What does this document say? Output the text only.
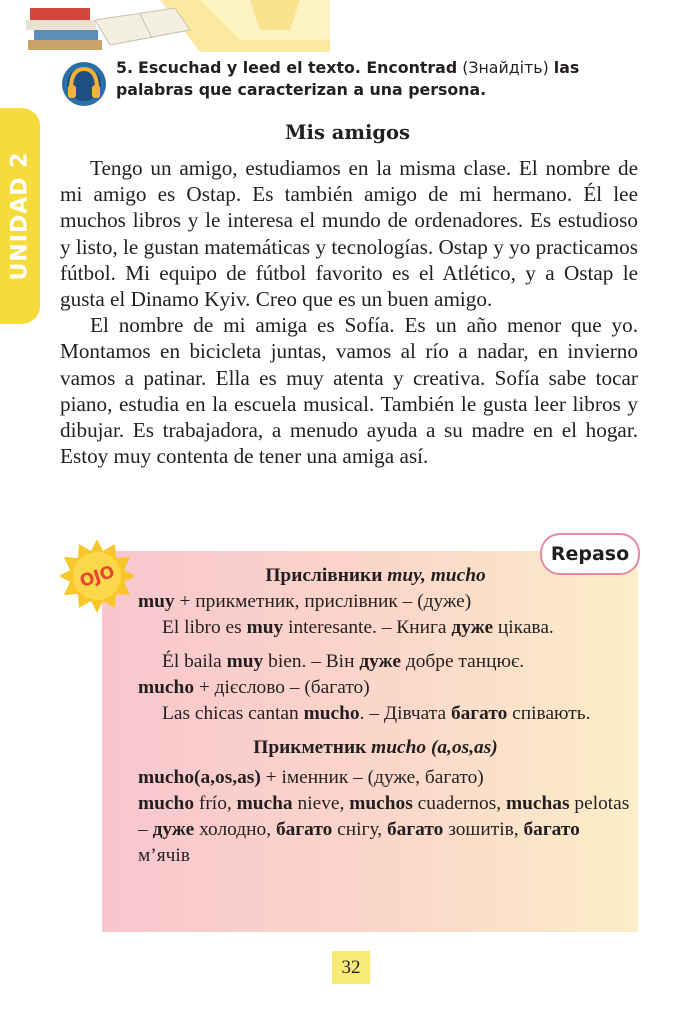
UNIDAD 2
5. Escuchad y leed el texto. Encontrad (Знайдіть) las palabras que caracterizan a una persona.
Mis amigos

Tengo un amigo, estudiamos en la misma clase. El nombre de mi amigo es Ostap. Es también amigo de mi hermano. Él lee muchos libros y le interesa el mundo de ordenadores. Es estudioso y listo, le gustan matemáticas y tecnologías. Ostap y yo practicamos fútbol. Mi equipo de fútbol favorito es el Atlético, y a Ostap le gusta el Dinamo Kyiv. Creo que es un buen amigo.

El nombre de mi amiga es Sofía. Es un año menor que yo. Montamos en bicicleta juntas, vamos al río a nadar, en invierno vamos a patinar. Ella es muy atenta y creativa. Sofía sabe tocar piano, estudia en la escuela musical. También le gusta leer libros y dibujar. Es trabajadora, a menudo ayuda a su madre en el hogar. Estoy muy contenta de tener una amiga así.

OJO
Repaso
Прислівники muy, mucho
muy + прикметник, прислівник – (дуже)
El libro es muy interesante. – Книга дуже цікава.
Él baila muy bien. – Він дуже добре танцює.
mucho + дієслово – (багато)
Las chicas cantan mucho. – Дівчата багато співають.
Прикметник mucho (a,os,as)
mucho(a,os,as) + іменник – (дуже, багато)
mucho frío, mucha nieve, muchos cuadernos, muchas pelotas – дуже холодно, багато снігу, багато зошитів, багато м’ячів
32
